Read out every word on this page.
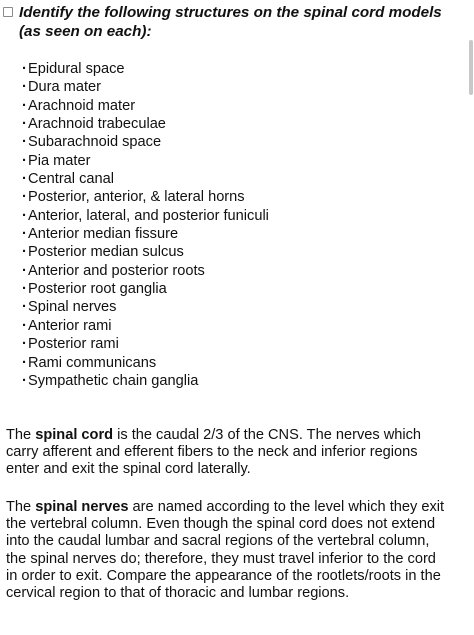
Identify the following structures on the spinal cord models (as seen on each):

·Epidural space
·Dura mater
·Arachnoid mater
·Arachnoid trabeculae
·Subarachnoid space
·Pia mater
·Central canal
·Posterior, anterior, & lateral horns
·Anterior, lateral, and posterior funiculi
·Anterior median fissure
·Posterior median sulcus
·Anterior and posterior roots
·Posterior root ganglia
·Spinal nerves
·Anterior rami
·Posterior rami
·Rami communicans
·Sympathetic chain ganglia

The spinal cord is the caudal 2/3 of the CNS. The nerves which carry afferent and efferent fibers to the neck and inferior regions enter and exit the spinal cord laterally.

The spinal nerves are named according to the level which they exit the vertebral column. Even though the spinal cord does not extend into the caudal lumbar and sacral regions of the vertebral column, the spinal nerves do; therefore, they must travel inferior to the cord in order to exit. Compare the appearance of the rootlets/roots in the cervical region to that of thoracic and lumbar regions.
